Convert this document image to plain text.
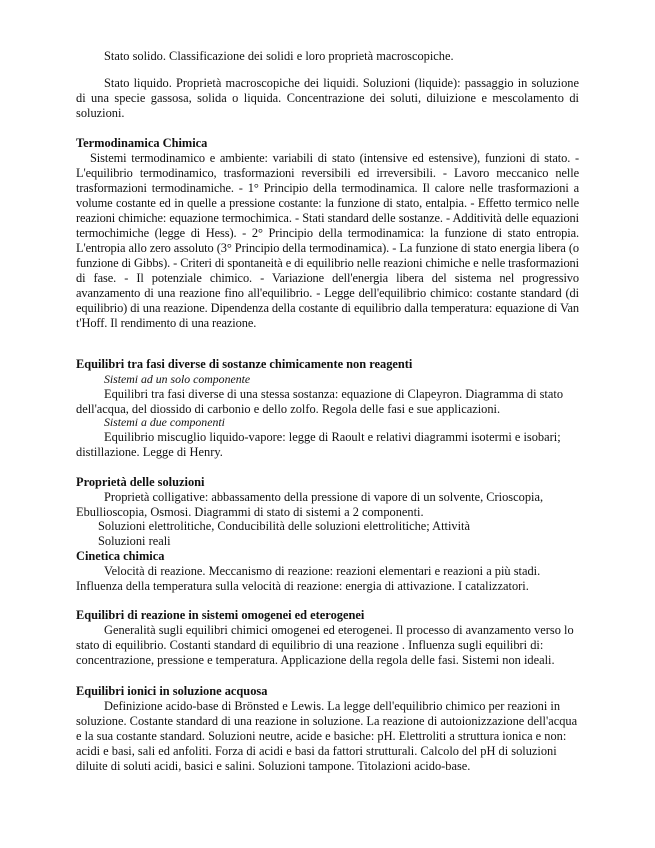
Stato solido. Classificazione dei solidi e loro proprietà macroscopiche.

Stato liquido. Proprietà macroscopiche dei liquidi. Soluzioni (liquide): passaggio in soluzione di una specie gassosa, solida o liquida. Concentrazione dei soluti, diluizione e mescolamento di soluzioni.

Termodinamica Chimica

Sistemi termodinamico e ambiente: variabili di stato (intensive ed estensive), funzioni di stato. - L'equilibrio termodinamico, trasformazioni reversibili ed irreversibili. - Lavoro meccanico nelle trasformazioni termodinamiche. - 1° Principio della termodinamica. Il calore nelle trasformazioni a volume costante ed in quelle a pressione costante: la funzione di stato, entalpia. - Effetto termico nelle reazioni chimiche: equazione termochimica. - Stati standard delle sostanze. - Additività delle equazioni termochimiche (legge di Hess). - 2° Principio della termodinamica: la funzione di stato entropia. L'entropia allo zero assoluto (3° Principio della termodinamica). - La funzione di stato energia libera (o funzione di Gibbs). - Criteri di spontaneità e di equilibrio nelle reazioni chimiche e nelle trasformazioni di fase. - Il potenziale chimico. - Variazione dell'energia libera del sistema nel progressivo avanzamento di una reazione fino all'equilibrio. - Legge dell'equilibrio chimico: costante standard (di equilibrio) di una reazione. Dipendenza della costante di equilibrio dalla temperatura: equazione di Van t'Hoff. Il rendimento di una reazione.

Equilibri tra fasi diverse di sostanze chimicamente non reagenti

Sistemi ad un solo componente

Equilibri tra fasi diverse di una stessa sostanza: equazione di Clapeyron. Diagramma di stato dell'acqua, del diossido di carbonio e dello zolfo. Regola delle fasi e sue applicazioni.

Sistemi a due componenti

Equilibrio miscuglio liquido-vapore: legge di Raoult e relativi diagrammi isotermi e isobari; distillazione. Legge di Henry.

Proprietà delle soluzioni

Proprietà colligative: abbassamento della pressione di vapore di un solvente, Crioscopia, Ebullioscopia, Osmosi. Diagrammi di stato di sistemi a 2 componenti.

Soluzioni elettrolitiche, Conducibilità delle soluzioni elettrolitiche; Attività

Soluzioni reali

Cinetica chimica

Velocità di reazione. Meccanismo di reazione: reazioni elementari e reazioni a più stadi. Influenza della temperatura sulla velocità di reazione: energia di attivazione. I catalizzatori.

Equilibri di reazione in sistemi omogenei ed eterogenei

Generalità sugli equilibri chimici omogenei ed eterogenei. Il processo di avanzamento verso lo stato di equilibrio. Costanti standard di equilibrio di una reazione . Influenza sugli equilibri di: concentrazione, pressione e temperatura. Applicazione della regola delle fasi. Sistemi non ideali.

Equilibri ionici in soluzione acquosa

Definizione acido-base di Brönsted e Lewis. La legge dell'equilibrio chimico per reazioni in soluzione. Costante standard di una reazione in soluzione. La reazione di autoionizzazione dell'acqua e la sua costante standard. Soluzioni neutre, acide e basiche: pH. Elettroliti a struttura ionica e non: acidi e basi, sali ed anfoliti. Forza di acidi e basi da fattori strutturali. Calcolo del pH di soluzioni diluite di soluti acidi, basici e salini. Soluzioni tampone. Titolazioni acido-base.
